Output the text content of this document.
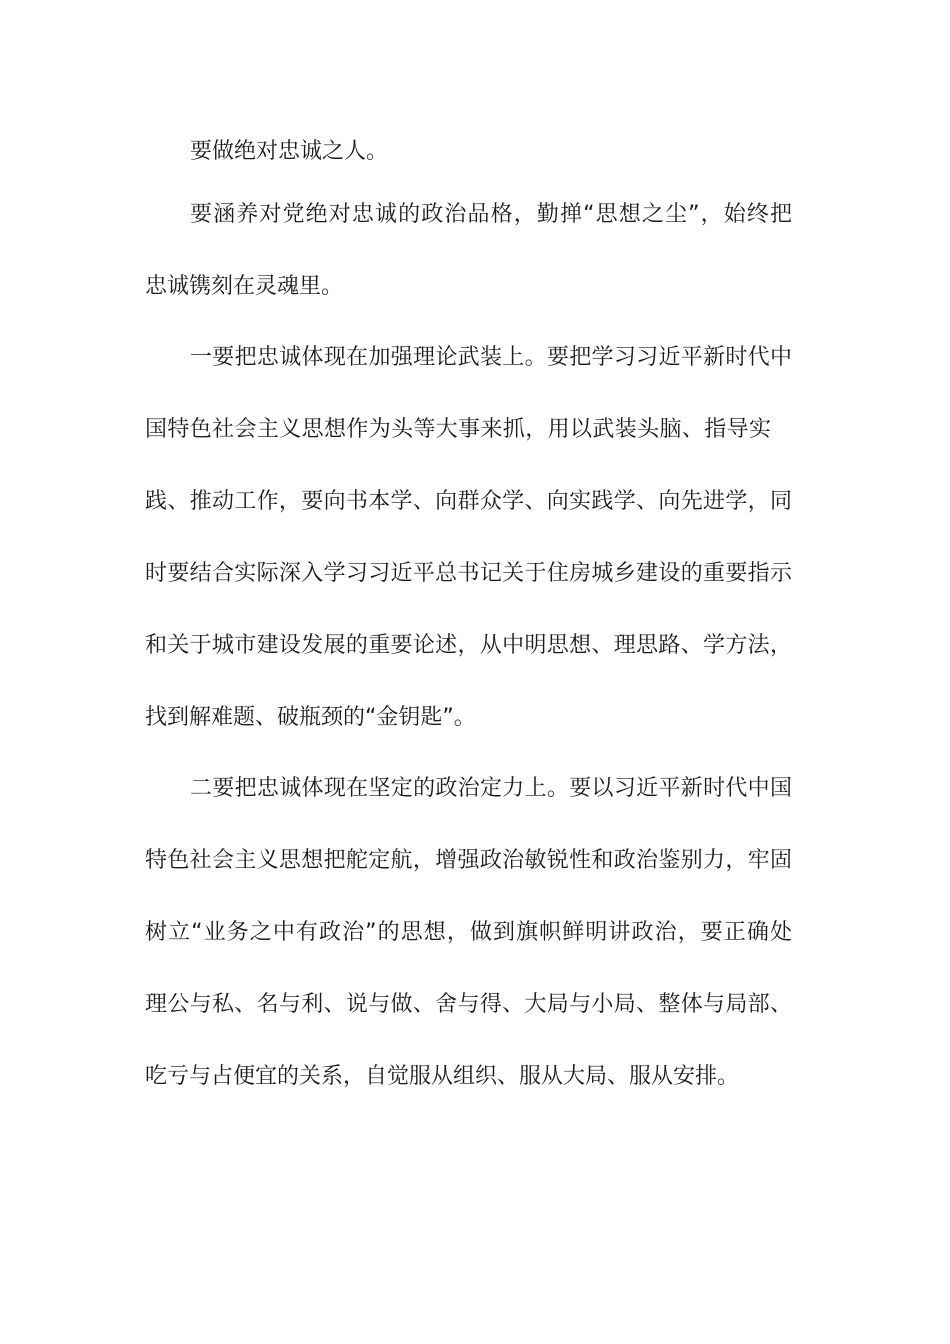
要做绝对忠诚之人。
要涵养对党绝对忠诚的政治品格，勤掸“思想之尘”，始终把
忠诚镌刻在灵魂里。
一要把忠诚体现在加强理论武装上。要把学习习近平新时代中
国特色社会主义思想作为头等大事来抓，用以武装头脑、指导实
践、推动工作，要向书本学、向群众学、向实践学、向先进学，同
时要结合实际深入学习习近平总书记关于住房城乡建设的重要指示
和关于城市建设发展的重要论述，从中明思想、理思路、学方法，
找到解难题、破瓶颈的“金钥匙”。
二要把忠诚体现在坚定的政治定力上。要以习近平新时代中国
特色社会主义思想把舵定航，增强政治敏锐性和政治鉴别力，牢固
树立“业务之中有政治”的思想，做到旗帜鲜明讲政治，要正确处
理公与私、名与利、说与做、舍与得、大局与小局、整体与局部、
吃亏与占便宜的关系，自觉服从组织、服从大局、服从安排。
